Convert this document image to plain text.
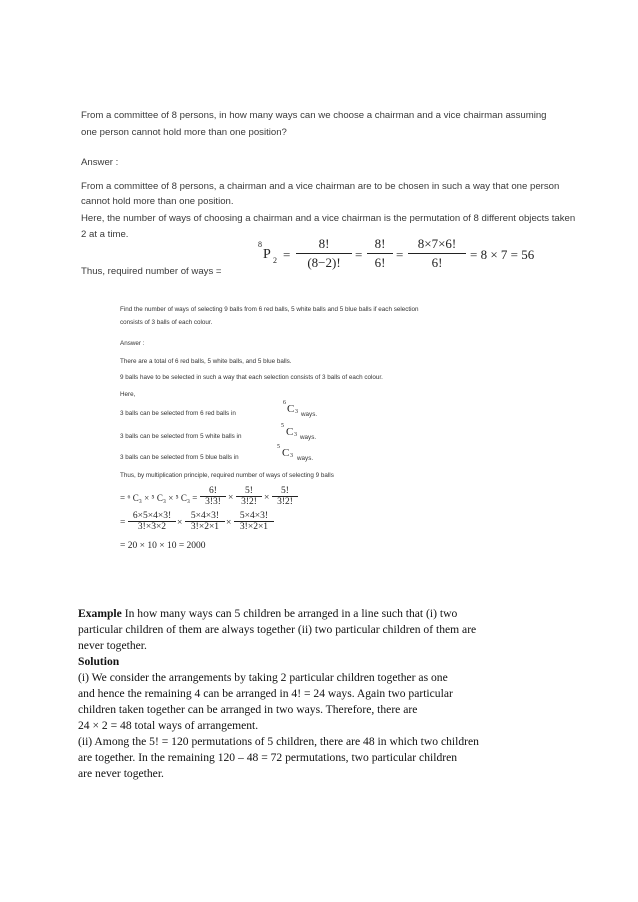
From a committee of 8 persons, in how many ways can we choose a chairman and a vice chairman assuming
one person cannot hold more than one position?
Answer :
From a committee of 8 persons, a chairman and a vice chairman are to be chosen in such a way that one person
cannot hold more than one position.
Here, the number of ways of choosing a chairman and a vice chairman is the permutation of 8 different objects taken
2 at a time.
Thus, required number of ways =
8
P 2 =
8!
(8−2)!
=
8!
6!
=
8×7×6!
6!
= 8 × 7 = 56
Find the number of ways of selecting 9 balls from 6 red balls, 5 white balls and 5 blue balls if each selection
consists of 3 balls of each colour.
Answer :
There are a total of 6 red balls, 5 white balls, and 5 blue balls.
9 balls have to be selected in such a way that each selection consists of 3 balls of each colour.
Here,
3 balls can be selected from 6 red balls in
6 C 3 ways.
3 balls can be selected from 5 white balls in
5 C 3 ways.
3 balls can be selected from 5 blue balls in
5 C 3 ways.
Thus, by multiplication principle, required number of ways of selecting 9 balls
= ⁶ C₃ × ⁵ C₃ × ⁵ C₃ =
6!
3!3! ×
5!
3!2! ×
5!
3!2!
=
6×5×4×3!
3!×3×2	×
5×4×3!
3!×2×1 ×
5×4×3!
3!×2×1
= 20 × 10 × 10 = 2000
Example In how many ways can 5 children be arranged in a line such that (i) two
particular children of them are always together (ii) two particular children of them are
never together.
Solution
(i) We consider the arrangements by taking 2 particular children together as one
and hence the remaining 4 can be arranged in 4! = 24 ways. Again two particular
children taken together can be arranged in two ways. Therefore, there are
24 × 2 = 48 total ways of arrangement.
(ii) Among the 5! = 120 permutations of 5 children, there are 48 in which two children
are together. In the remaining 120 – 48 = 72 permutations, two particular children
are never together.
